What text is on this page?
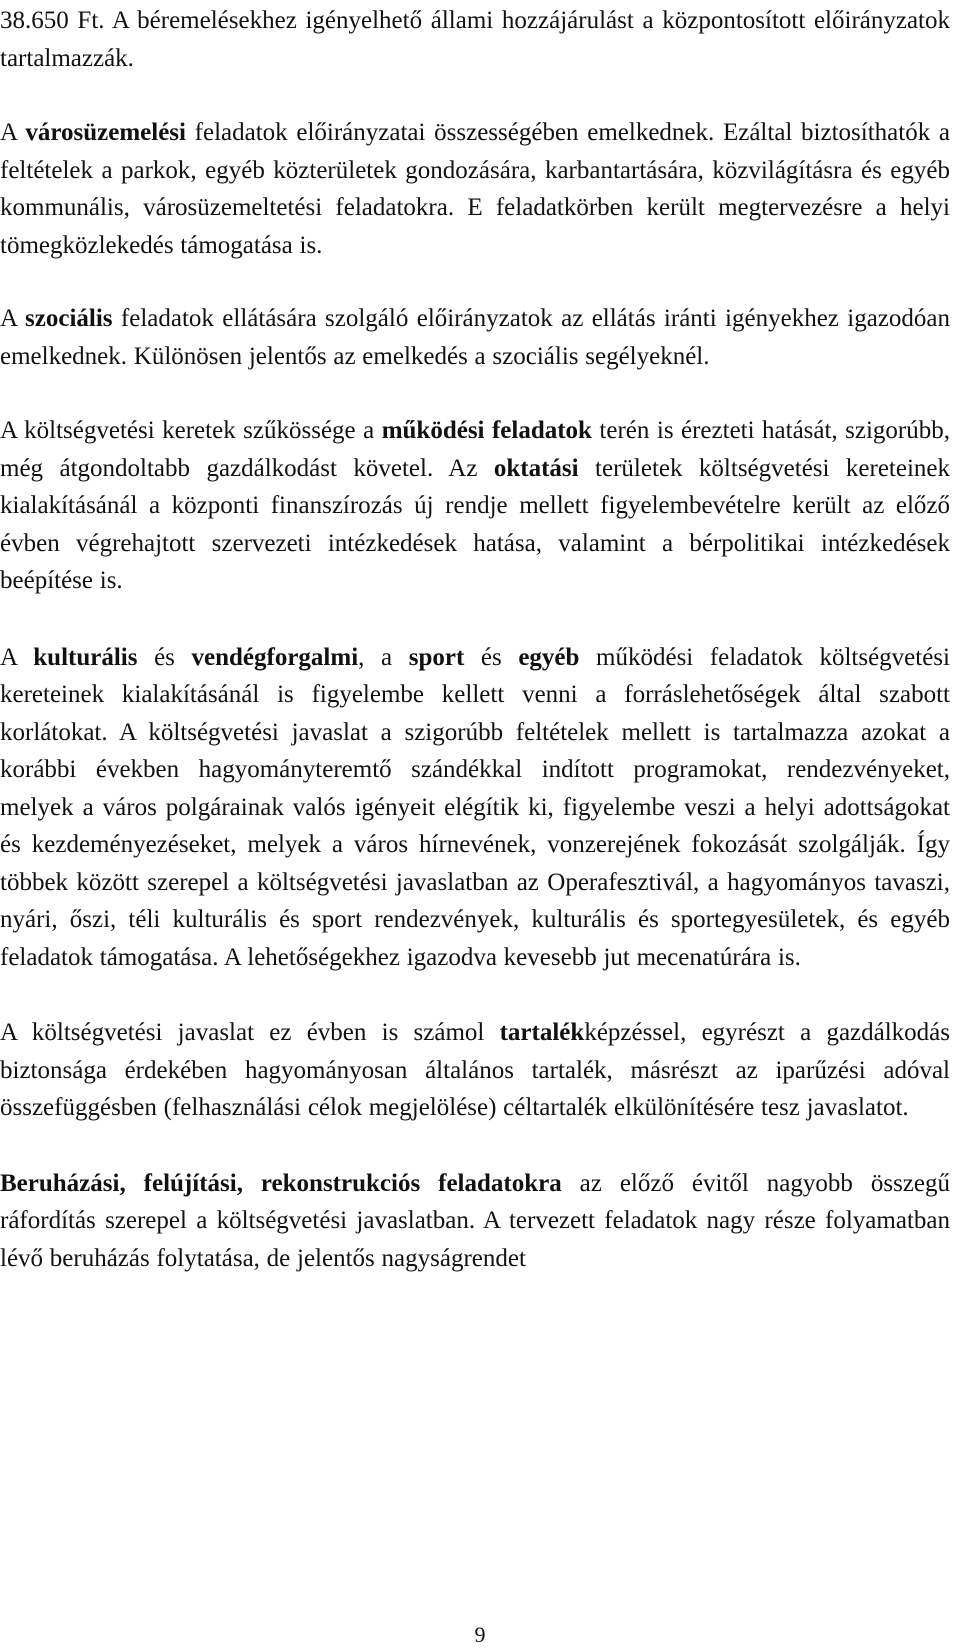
38.650 Ft. A béremelésekhez igényelhető állami hozzájárulást a központosított előirányzatok tartalmazzák.

A városüzemelési feladatok előirányzatai összességében emelkednek. Ezáltal biztosíthatók a feltételek a parkok, egyéb közterületek gondozására, karbantartására, közvilágításra és egyéb kommunális, városüzemeltetési feladatokra. E feladatkörben került megtervezésre a helyi tömegközlekedés támogatása is.

A szociális feladatok ellátására szolgáló előirányzatok az ellátás iránti igényekhez igazodóan emelkednek. Különösen jelentős az emelkedés a szociális segélyeknél.

A költségvetési keretek szűkössége a működési feladatok terén is érezteti hatását, szigorúbb, még átgondoltabb gazdálkodást követel. Az oktatási területek költségvetési kereteinek kialakításánál a központi finanszírozás új rendje mellett figyelembevételre került az előző évben végrehajtott szervezeti intézkedések hatása, valamint a bérpolitikai intézkedések beépítése is.

A kulturális és vendégforgalmi, a sport és egyéb működési feladatok költségvetési kereteinek kialakításánál is figyelembe kellett venni a forráslehetőségek által szabott korlátokat. A költségvetési javaslat a szigorúbb feltételek mellett is tartalmazza azokat a korábbi években hagyományteremtő szándékkal indított programokat, rendezvényeket, melyek a város polgárainak valós igényeit elégítik ki, figyelembe veszi a helyi adottságokat és kezdeményezéseket, melyek a város hírnevének, vonzerejének fokozását szolgálják. Így többek között szerepel a költségvetési javaslatban az Operafesztivál, a hagyományos tavaszi, nyári, őszi, téli kulturális és sport rendezvények, kulturális és sportegyesületek, és egyéb feladatok támogatása. A lehetőségekhez igazodva kevesebb jut mecenatúrára is.

A költségvetési javaslat ez évben is számol tartalékképzéssel, egyrészt a gazdálkodás biztonsága érdekében hagyományosan általános tartalék, másrészt az iparűzési adóval összefüggésben (felhasználási célok megjelölése) céltartalék elkülönítésére tesz javaslatot.

Beruházási, felújítási, rekonstrukciós feladatokra az előző évitől nagyobb összegű ráfordítás szerepel a költségvetési javaslatban. A tervezett feladatok nagy része folyamatban lévő beruházás folytatása, de jelentős nagyságrendet

9
